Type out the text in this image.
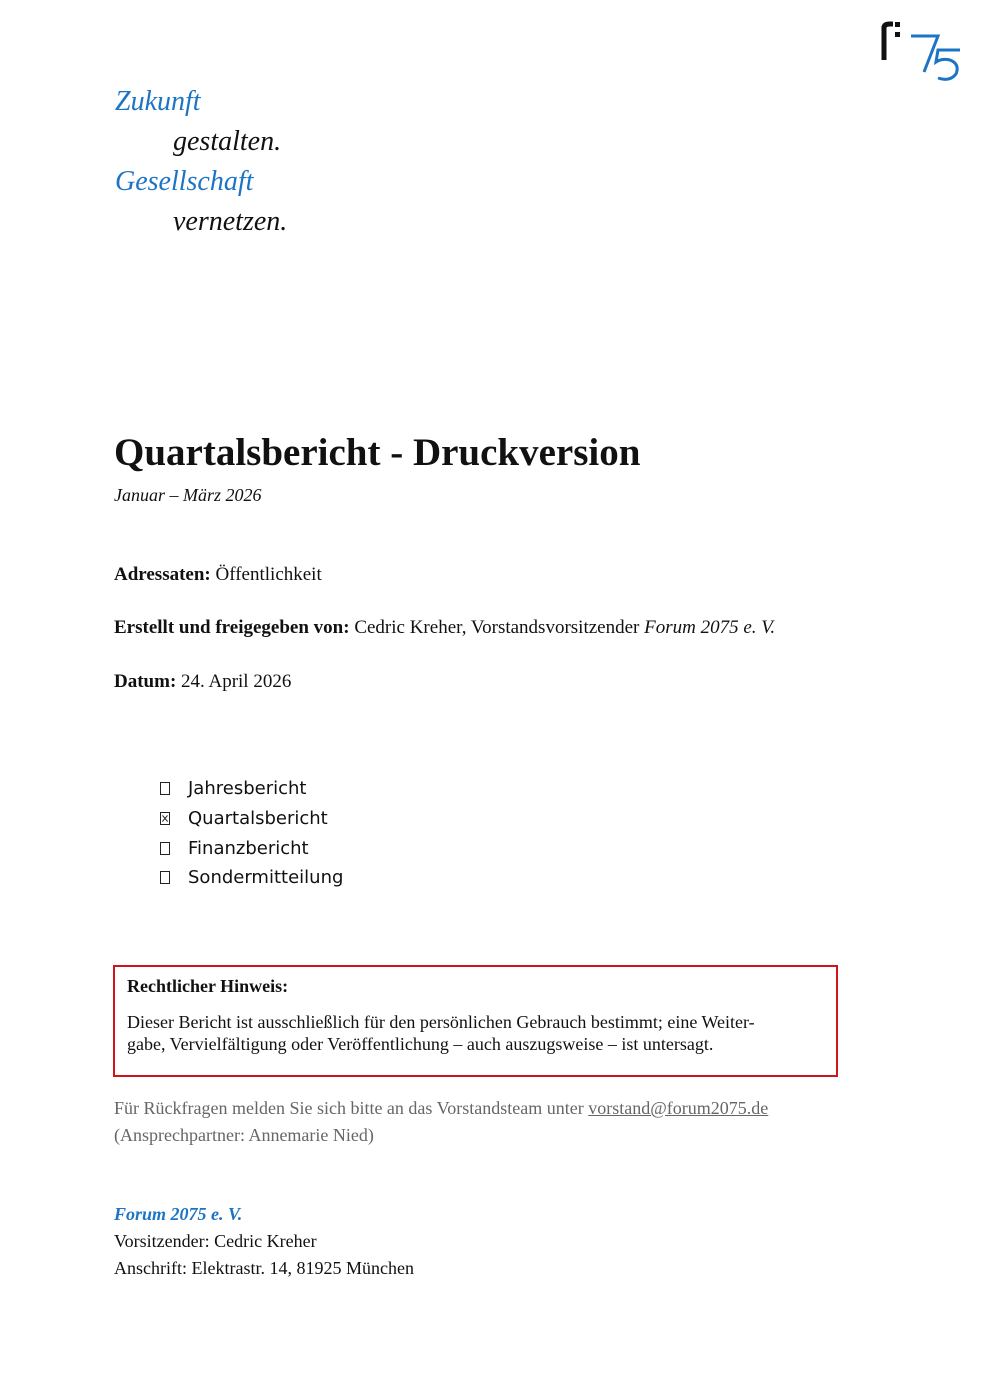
Zukunft
gestalten.
Gesellschaft
vernetzen.
Quartalsbericht - Druckversion
Januar – März 2026
Adressaten: Öffentlichkeit
Erstellt und freigegeben von: Cedric Kreher, Vorstandsvorsitzender Forum 2075 e. V.
Datum: 24. April 2026
Jahresbericht
Quartalsbericht
Finanzbericht
Sondermitteilung
Rechtlicher Hinweis:
Dieser Bericht ist ausschließlich für den persönlichen Gebrauch bestimmt; eine Weiter-
gabe, Vervielfältigung oder Veröffentlichung – auch auszugsweise – ist untersagt.
Für Rückfragen melden Sie sich bitte an das Vorstandsteam unter vorstand@forum2075.de
(Ansprechpartner: Annemarie Nied)
Forum 2075 e. V.
Vorsitzender: Cedric Kreher
Anschrift: Elektrastr. 14, 81925 München
